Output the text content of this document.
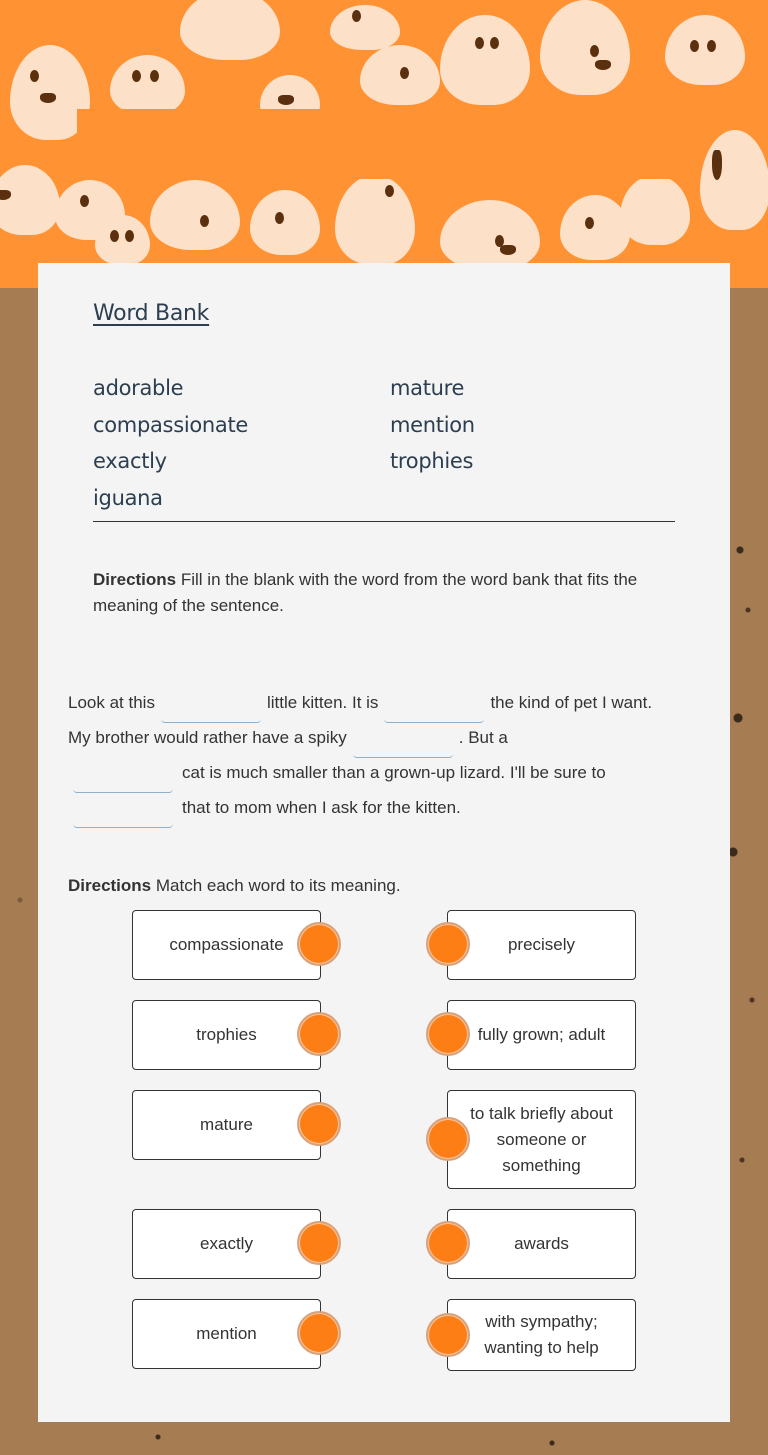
Word Bank
adorable	mature
compassionate	mention
exactly	trophies
iguana
Directions Fill in the blank with the word from the word bank that fits the meaning of the sentence.
Look at this	little kitten. It is	the kind of pet I want. My brother would rather have a spiky	. But a
cat is much smaller than a grown-up lizard. I'll be sure to
that to mom when I ask for the kitten.
Directions Match each word to its meaning.
compassionate
trophies
mature
exactly
mention
precisely
fully grown; adult
to talk briefly about someone or something
awards
with sympathy; wanting to help
